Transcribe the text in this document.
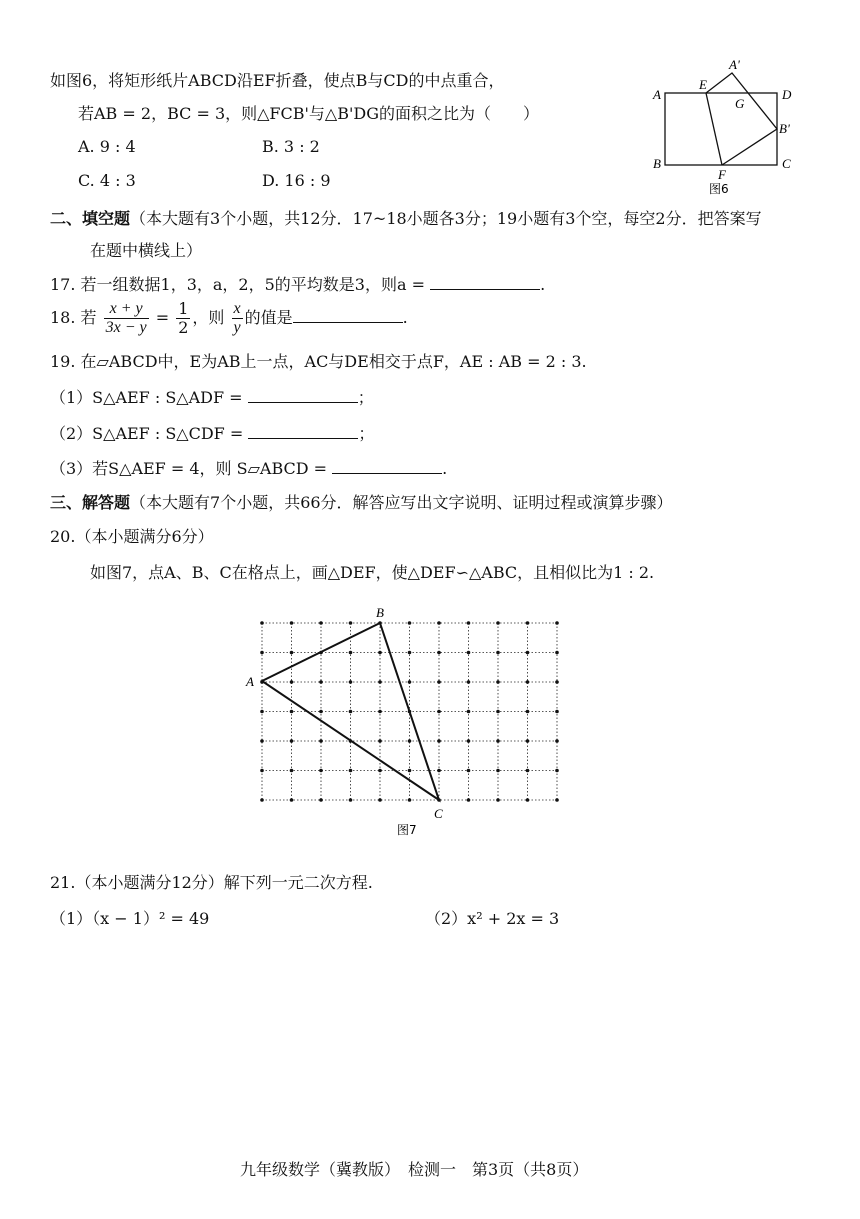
如图6，将矩形纸片ABCD沿EF折叠，使点B与CD的中点重合，
若AB = 2，BC = 3，则△FCB'与△B'DG的面积之比为（　　）
A. 9 : 4	B. 3 : 2
C. 4 : 3	D. 16 : 9
A
B	C
D
E
F
G
A'
B'
图6
二、填空题（本大题有3个小题，共12分．17~18小题各3分；19小题有3个空，每空2分．把答案写
在题中横线上）
17. 若一组数据1，3，a，2，5的平均数是3，则a =	.
18. 若 $\frac{x + y}{3x - y} = \frac{1}{2}$ ，则 $\frac{x}{y}$ 的值是	.
19. 在▱ABCD中，E为AB上一点，AC与DE相交于点F，AE : AB = 2 : 3.
（1）S△AEF : S△ADF =	；
（2）S△AEF : S△CDF =	；
（3）若S△AEF = 4，则 S▱ABCD =	.
三、解答题（本大题有7个小题，共66分．解答应写出文字说明、证明过程或演算步骤）
20.（本小题满分6分）
如图7，点A、B、C在格点上，画△DEF，使△DEF∽△ABC，且相似比为1 : 2.
A
B
C
图7
21.（本小题满分12分）解下列一元二次方程.
（1）（x − 1）² = 49	（2）x² + 2x = 3
九年级数学（冀教版）　检测一　第3页（共8页）
